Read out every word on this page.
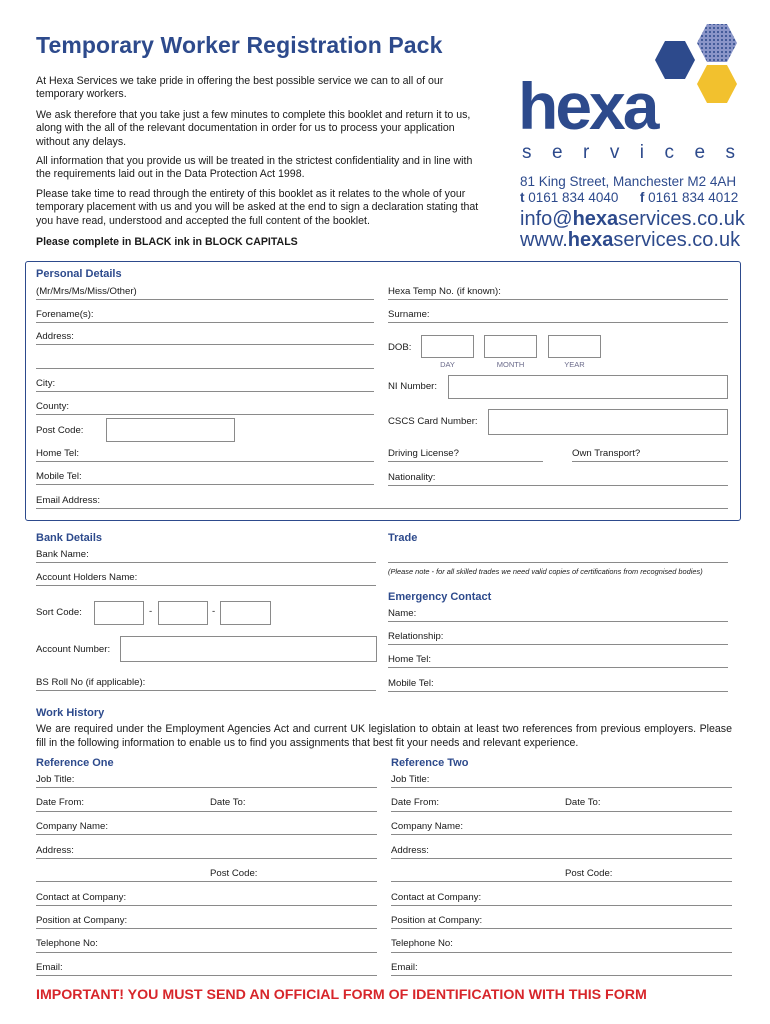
Temporary Worker Registration Pack
At Hexa Services we take pride in offering the best possible service we can to all of our temporary workers.
We ask therefore that you take just a few minutes to complete this booklet and return it to us, along with the all of the relevant documentation in order for us to process your application without any delays.
All information that you provide us will be treated in the strictest confidentiality and in line with the requirements laid out in the Data Protection Act 1998.
Please take time to read through the entirety of this booklet as it relates to the whole of your temporary placement with us and you will be asked at the end to sign a declaration stating that you have read, understood and accepted the full content of the booklet.
Please complete in BLACK ink in BLOCK CAPITALS
hexa
s e r v i c e s
81 King Street, Manchester M2 4AH
t 0161 834 4040 f 0161 834 4012
info@hexaservices.co.uk
www.hexaservices.co.uk
Personal Details
(Mr/Mrs/Ms/Miss/Other)	Hexa Temp No. (if known):
Forename(s):	Surname:
Address:
DOB:
DAY	MONTH	YEAR
City:	NI Number:
County:
Post Code:
CSCS Card Number:
Home Tel:	Driving License?	Own Transport?
Mobile Tel:	Nationality:
Email Address:
Bank Details
Bank Name:
Account Holders Name:
Sort Code:	-	-
Account Number:
BS Roll No (if applicable):
Trade
(Please note - for all skilled trades we need valid copies of certifications from recognised bodies)
Emergency Contact
Name:
Relationship:
Home Tel:
Mobile Tel:
Work History
We are required under the Employment Agencies Act and current UK legislation to obtain at least two references from previous employers. Please fill in the following information to enable us to find you assignments that best fit your needs and relevant experience.
Reference One	Reference Two
Job Title:
Date From:	Date To:
Company Name:
Address:
Post Code:
Contact at Company:
Position at Company:
Telephone No:
Email:
Job Title:
Date From:	Date To:
Company Name:
Address:
Post Code:
Contact at Company:
Position at Company:
Telephone No:
Email:
IMPORTANT! YOU MUST SEND AN OFFICIAL FORM OF IDENTIFICATION WITH THIS FORM
